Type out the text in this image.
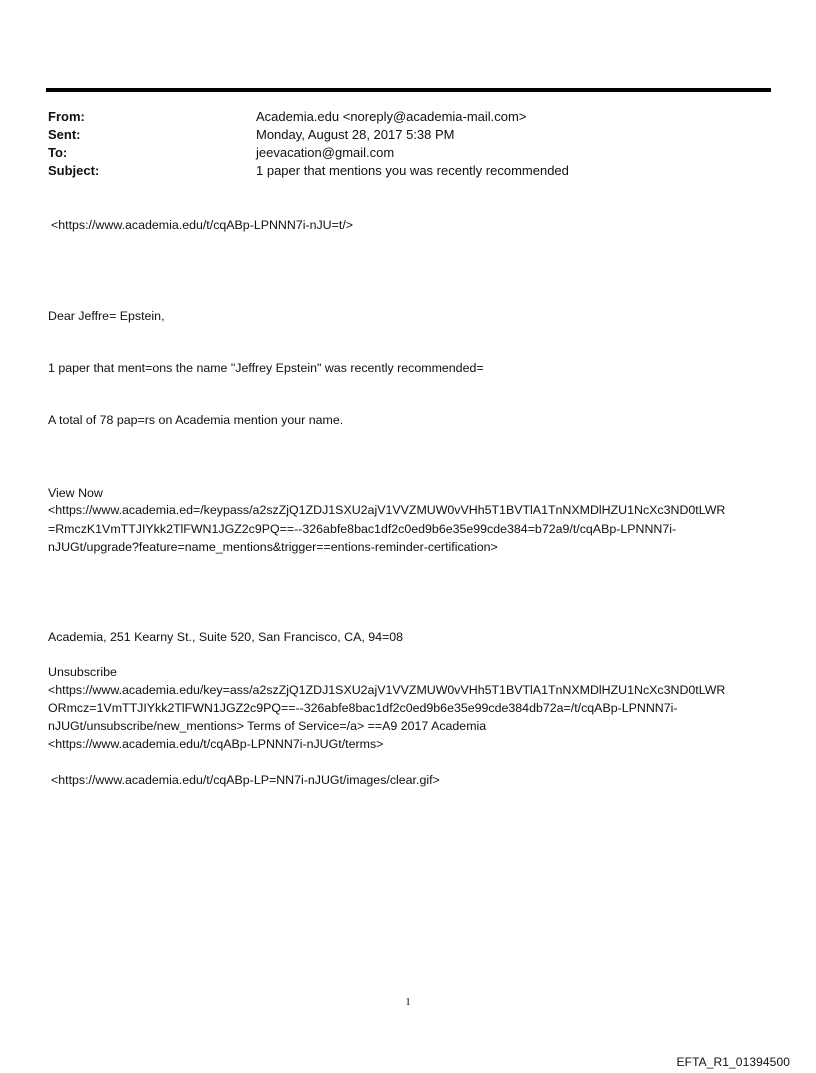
From:	Academia.edu <noreply@academia-mail.com>
Sent:	Monday, August 28, 2017 5:38 PM
To:	jeevacation@gmail.com
Subject:	1 paper that mentions you was recently recommended
<https://www.academia.edu/t/cqABp-LPNNN7i-nJU=t/>
Dear Jeffre= Epstein,
1 paper that ment=ons the name "Jeffrey Epstein" was recently recommended=
A total of 78 pap=rs on Academia mention your name.
View Now
<https://www.academia.ed=/keypass/a2szZjQ1ZDJ1SXU2ajV1VVZMUW0vVHh5T1BVTlA1TnNXMDlHZU1NcXc3ND0tLWR
=RmczK1VmTTJIYkk2TlFWN1JGZ2c9PQ==--326abfe8bac1df2c0ed9b6e35e99cde384=b72a9/t/cqABp-LPNNN7i-
nJUGt/upgrade?feature=name_mentions&trigger==entions-reminder-certification>
Academia, 251 Kearny St., Suite 520, San Francisco, CA, 94=08
Unsubscribe
<https://www.academia.edu/key=ass/a2szZjQ1ZDJ1SXU2ajV1VVZMUW0vVHh5T1BVTlA1TnNXMDlHZU1NcXc3ND0tLWR
ORmcz=1VmTTJIYkk2TlFWN1JGZ2c9PQ==--326abfe8bac1df2c0ed9b6e35e99cde384db72a=/t/cqABp-LPNNN7i-
nJUGt/unsubscribe/new_mentions> Terms of Service=/a> ==A9 2017 Academia
<https://www.academia.edu/t/cqABp-LPNNN7i-nJUGt/terms>
<https://www.academia.edu/t/cqABp-LP=NN7i-nJUGt/images/clear.gif>
1
EFTA_R1_01394500
